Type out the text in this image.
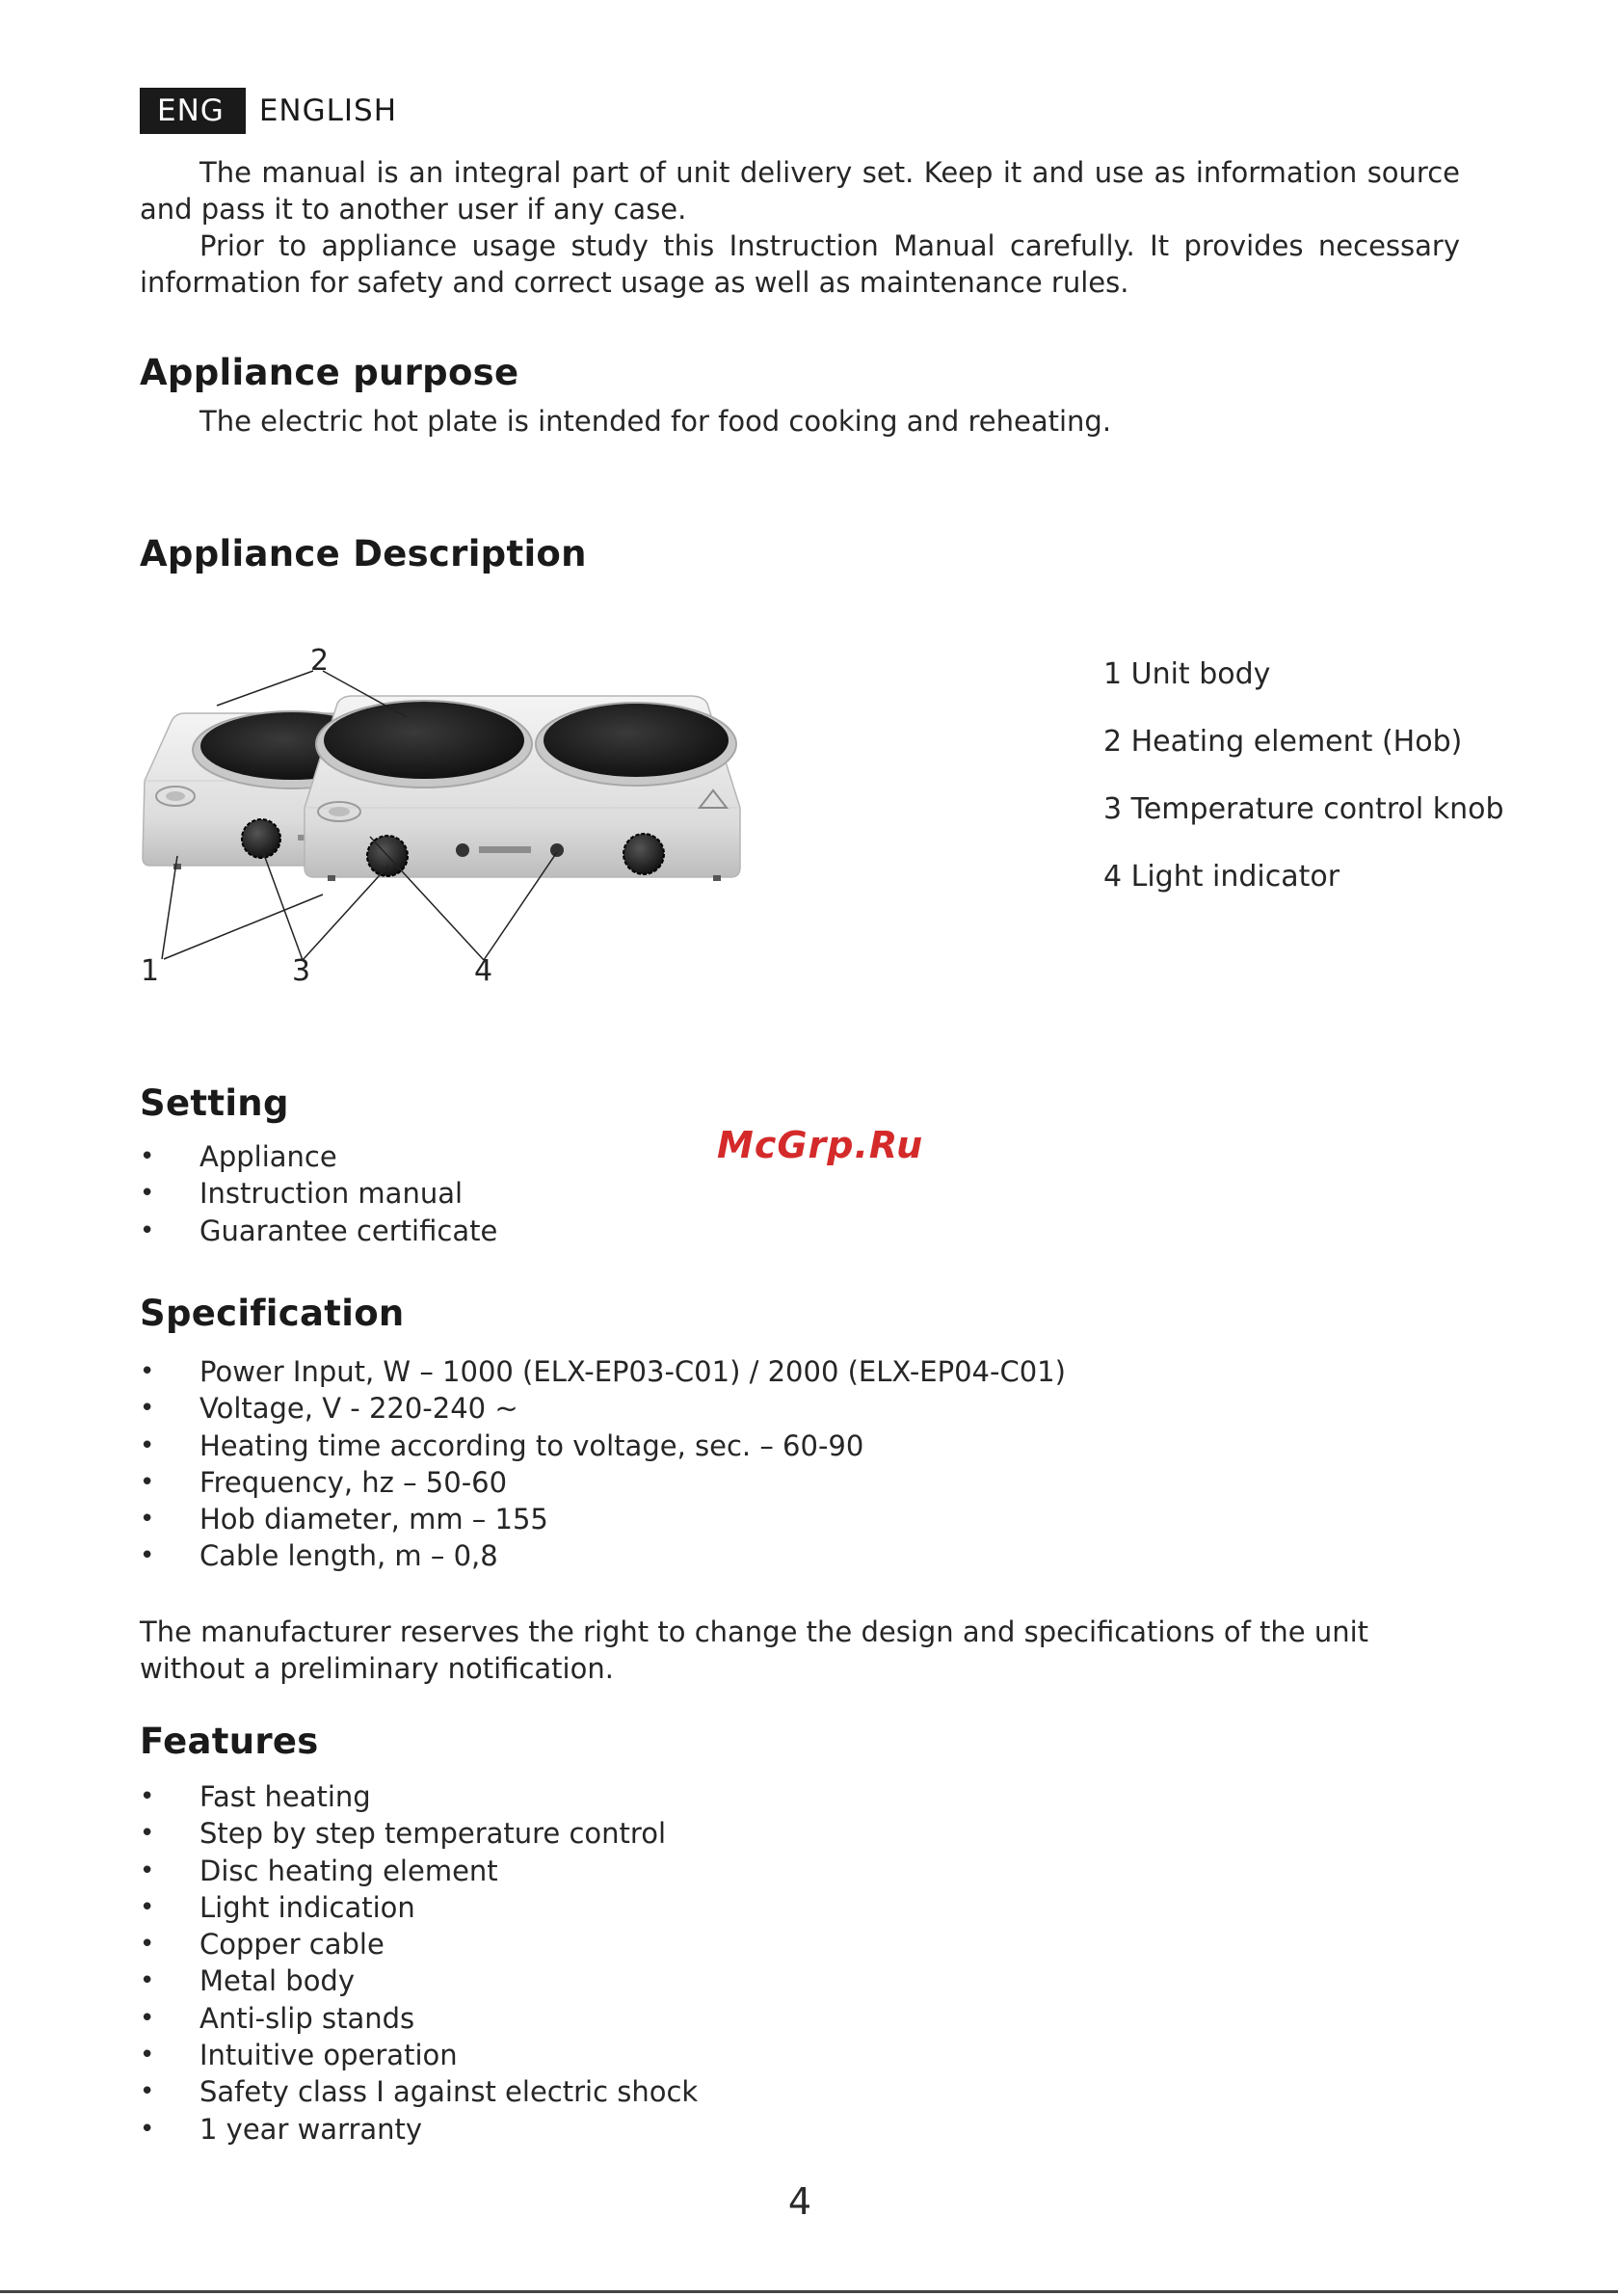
ENG	ENGLISH

The manual is an integral part of unit delivery set. Keep it and use as information source and pass it to another user if any case.

Prior to appliance usage study this Instruction Manual carefully. It provides necessary information for safety and correct usage as well as maintenance rules.

Appliance purpose

The electric hot plate is intended for food cooking and reheating.

Appliance Description
2
1	3	4
1 Unit body
2 Heating element (Hob)
3 Temperature control knob
4 Light indicator
McGrp.Ru
Setting
• Appliance
• Instruction manual
• Guarantee certificate
Specification
• Power Input, W – 1000 (ELX-EP03-C01) / 2000 (ELX-EP04-C01)
• Voltage, V - 220-240 ~
• Heating time according to voltage, sec. – 60-90
• Frequency, hz – 50-60
• Hob diameter, mm – 155
• Cable length, m – 0,8

The manufacturer reserves the right to change the design and specifications of the unit without a preliminary notification.

Features
• Fast heating
• Step by step temperature control
• Disc heating element
• Light indication
• Copper cable
• Metal body
• Anti-slip stands
• Intuitive operation
• Safety class I against electric shock
• 1 year warranty
4
